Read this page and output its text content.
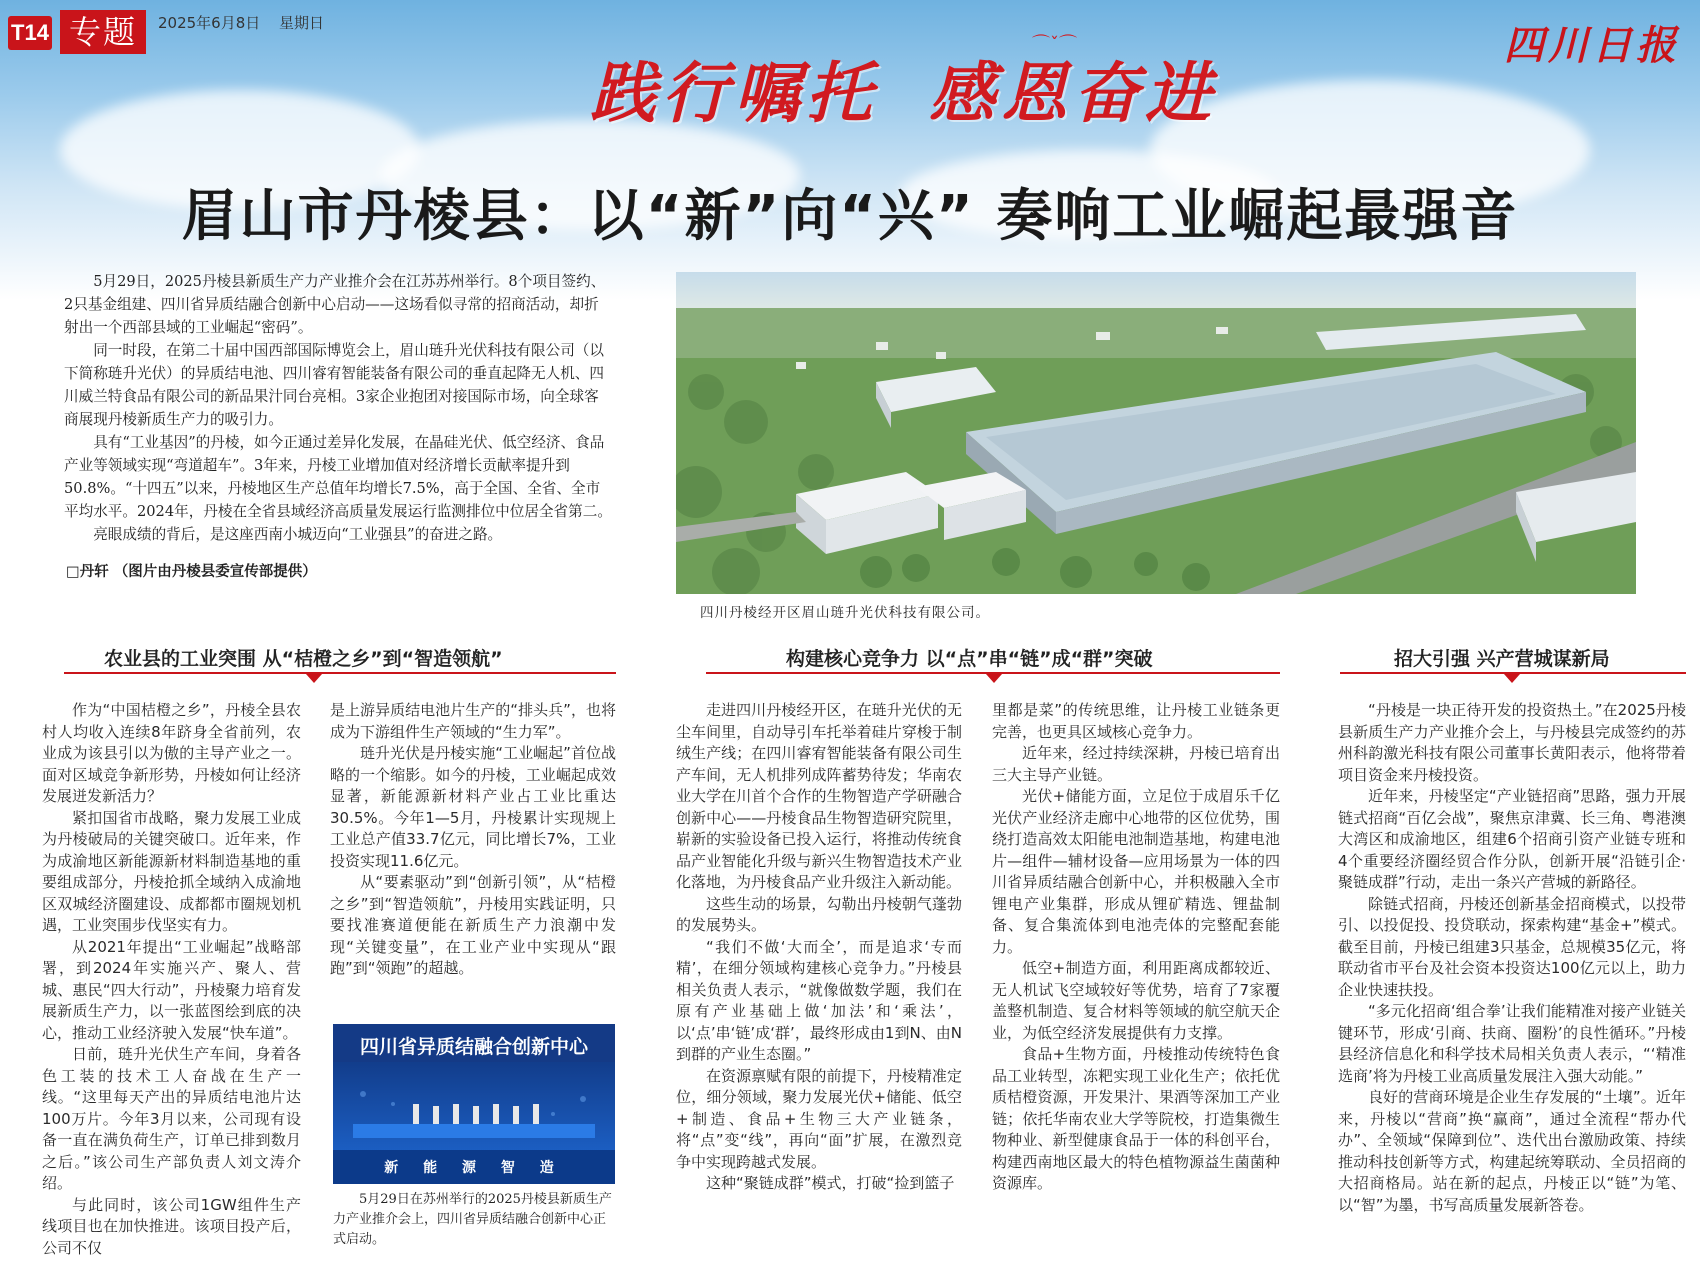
T14 专题	2025年6月8日 星期日	四川日报
践行嘱托 感恩奋进
⌒ˇ⌒
眉山市丹棱县：以“新”向“兴” 奏响工业崛起最强音

5月29日，2025丹棱县新质生产力产业推介会在江苏苏州举行。8个项目签约、2只基金组建、四川省异质结融合创新中心启动——这场看似寻常的招商活动，却折射出一个西部县域的工业崛起“密码”。

同一时段，在第二十届中国西部国际博览会上，眉山琏升光伏科技有限公司（以下简称琏升光伏）的异质结电池、四川睿宥智能装备有限公司的垂直起降无人机、四川威兰特食品有限公司的新品果汁同台亮相。3家企业抱团对接国际市场，向全球客商展现丹棱新质生产力的吸引力。

具有“工业基因”的丹棱，如今正通过差异化发展，在晶硅光伏、低空经济、食品产业等领域实现“弯道超车”。3年来，丹棱工业增加值对经济增长贡献率提升到50.8%。“十四五”以来，丹棱地区生产总值年均增长7.5%，高于全国、全省、全市平均水平。2024年，丹棱在全省县域经济高质量发展运行监测排位中位居全省第二。

亮眼成绩的背后，是这座西南小城迈向“工业强县”的奋进之路。

□丹轩 （图片由丹棱县委宣传部提供）
四川丹棱经开区眉山琏升光伏科技有限公司。
农业县的工业突围 从“桔橙之乡”到“智造领航”	构建核心竞争力 以“点”串“链”成“群”突破	招大引强 兴产营城谋新局

作为“中国桔橙之乡”，丹棱全县农村人均收入连续8年跻身全省前列，农业成为该县引以为傲的主导产业之一。面对区域竞争新形势，丹棱如何让经济发展迸发新活力？

紧扣国省市战略，聚力发展工业成为丹棱破局的关键突破口。近年来，作为成渝地区新能源新材料制造基地的重要组成部分，丹棱抢抓全域纳入成渝地区双城经济圈建设、成都都市圈规划机遇，工业突围步伐坚实有力。

从2021年提出“工业崛起”战略部署，到2024年实施兴产、聚人、营城、惠民“四大行动”，丹棱聚力培育发展新质生产力，以一张蓝图绘到底的决心，推动工业经济驶入发展“快车道”。

日前，琏升光伏生产车间，身着各色工装的技术工人奋战在生产一线。“这里每天产出的异质结电池片达100万片。今年3月以来，公司现有设备一直在满负荷生产，订单已排到数月之后。”该公司生产部负责人刘文涛介绍。

与此同时，该公司1GW组件生产线项目也在加快推进。该项目投产后，公司不仅

是上游异质结电池片生产的“排头兵”，也将成为下游组件生产领域的“生力军”。

琏升光伏是丹棱实施“工业崛起”首位战略的一个缩影。如今的丹棱，工业崛起成效显著，新能源新材料产业占工业比重达30.5%。今年1—5月，丹棱累计实现规上工业总产值33.7亿元，同比增长7%，工业投资实现11.6亿元。

从“要素驱动”到“创新引领”，从“桔橙之乡”到“智造领航”，丹棱用实践证明，只要找准赛道便能在新质生产力浪潮中发现“关键变量”，在工业产业中实现从“跟跑”到“领跑”的超越。

四川省异质结融合创新中心
新 能 源 智 造
5月29日在苏州举行的2025丹棱县新质生产力产业推介会上，四川省异质结融合创新中心正式启动。

走进四川丹棱经开区，在琏升光伏的无尘车间里，自动导引车托举着硅片穿梭于制绒生产线；在四川睿宥智能装备有限公司生产车间，无人机排列成阵蓄势待发；华南农业大学在川首个合作的生物智造产学研融合创新中心——丹棱食品生物智造研究院里，崭新的实验设备已投入运行，将推动传统食品产业智能化升级与新兴生物智造技术产业化落地，为丹棱食品产业升级注入新动能。

这些生动的场景，勾勒出丹棱朝气蓬勃的发展势头。

“我们不做‘大而全’，而是追求‘专而精’，在细分领域构建核心竞争力。”丹棱县相关负责人表示，“就像做数学题，我们在原有产业基础上做‘加法’和‘乘法’，以‘点’串‘链’成‘群’，最终形成由1到N、由N到群的产业生态圈。”

在资源禀赋有限的前提下，丹棱精准定位，细分领域，聚力发展光伏+储能、低空+制造、食品+生物三大产业链条，将“点”变“线”，再向“面”扩展，在激烈竞争中实现跨越式发展。

这种“聚链成群”模式，打破“捡到篮子

里都是菜”的传统思维，让丹棱工业链条更完善，也更具区域核心竞争力。

近年来，经过持续深耕，丹棱已培育出三大主导产业链。

光伏+储能方面，立足位于成眉乐千亿光伏产业经济走廊中心地带的区位优势，围绕打造高效太阳能电池制造基地，构建电池片—组件—辅材设备—应用场景为一体的四川省异质结融合创新中心，并积极融入全市锂电产业集群，形成从锂矿精选、锂盐制备、复合集流体到电池壳体的完整配套能力。

低空+制造方面，利用距离成都较近、无人机试飞空域较好等优势，培育了7家覆盖整机制造、复合材料等领域的航空航天企业，为低空经济发展提供有力支撑。

食品+生物方面，丹棱推动传统特色食品工业转型，冻粑实现工业化生产；依托优质桔橙资源，开发果汁、果酒等深加工产业链；依托华南农业大学等院校，打造集微生物种业、新型健康食品于一体的科创平台，构建西南地区最大的特色植物源益生菌菌种资源库。

“丹棱是一块正待开发的投资热土。”在2025丹棱县新质生产力产业推介会上，与丹棱县完成签约的苏州科韵激光科技有限公司董事长黄阳表示，他将带着项目资金来丹棱投资。

近年来，丹棱坚定“产业链招商”思路，强力开展链式招商“百亿会战”，聚焦京津冀、长三角、粤港澳大湾区和成渝地区，组建6个招商引资产业链专班和4个重要经济圈经贸合作分队，创新开展“沿链引企·聚链成群”行动，走出一条兴产营城的新路径。

除链式招商，丹棱还创新基金招商模式，以投带引、以投促投、投贷联动，探索构建“基金+”模式。截至目前，丹棱已组建3只基金，总规模35亿元，将联动省市平台及社会资本投资达100亿元以上，助力企业快速扶投。

“多元化招商‘组合拳’让我们能精准对接产业链关键环节，形成‘引商、扶商、圈粉’的良性循环。”丹棱县经济信息化和科学技术局相关负责人表示，“‘精准选商’将为丹棱工业高质量发展注入强大动能。”

良好的营商环境是企业生存发展的“土壤”。近年来，丹棱以“营商”换“赢商”，通过全流程“帮办代办”、全领域“保障到位”、迭代出台激励政策、持续推动科技创新等方式，构建起统筹联动、全员招商的大招商格局。站在新的起点，丹棱正以“链”为笔、以“智”为墨，书写高质量发展新答卷。
